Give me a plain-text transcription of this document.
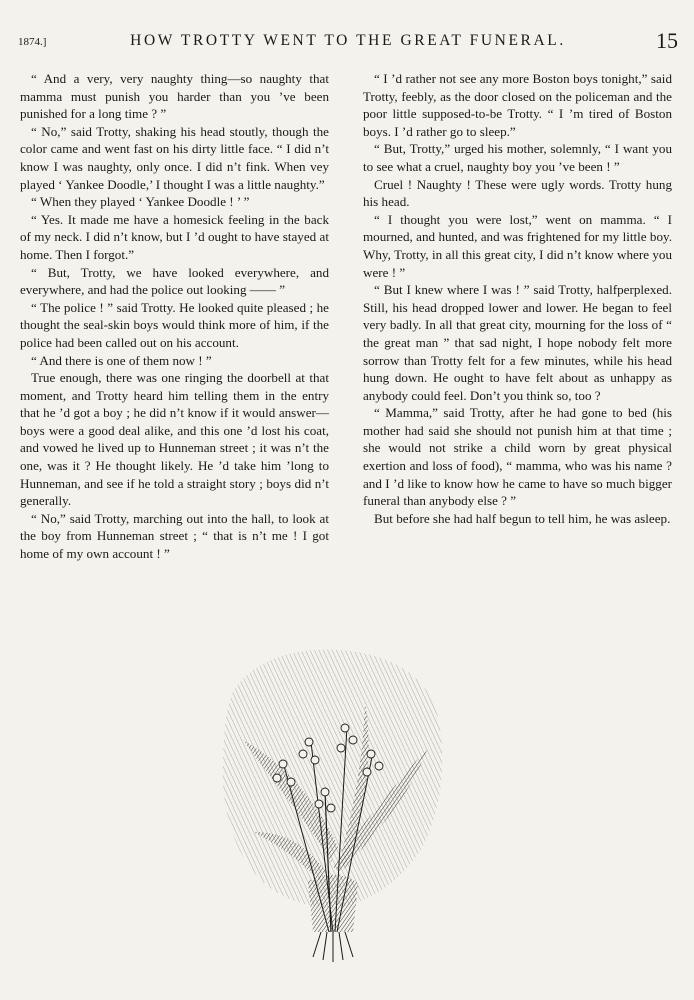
1874.]	HOW TROTTY WENT TO THE GREAT FUNERAL.	15

“ And a very, very naughty thing—so naughty that mamma must punish you harder than you ’ve been punished for a long time ? ”

“ No,” said Trotty, shaking his head stoutly, though the color came and went fast on his dirty little face. “ I did n’t know I was naughty, only once. I did n’t fink. When vey played ‘ Yankee Doodle,’ I thought I was a little naughty.”

“ When they played ‘ Yankee Doodle ! ’ ”

“ Yes. It made me have a homesick feeling in the back of my neck. I did n’t know, but I ’d ought to have stayed at home. Then I forgot.”

“ But, Trotty, we have looked everywhere, and everywhere, and had the police out looking —— ”

“ The police ! ” said Trotty. He looked quite pleased ; he thought the seal-skin boys would think more of him, if the police had been called out on his account.

“ And there is one of them now ! ”

True enough, there was one ringing the doorbell at that moment, and Trotty heard him telling them in the entry that he ’d got a boy ; he did n’t know if it would answer—boys were a good deal alike, and this one ’d lost his coat, and vowed he lived up to Hunneman street ; it was n’t the one, was it ? He thought likely. He ’d take him ’long to Hunneman, and see if he told a straight story ; boys did n’t generally.

“ No,” said Trotty, marching out into the hall, to look at the boy from Hunneman street ; “ that is n’t me ! I got home of my own account ! ”

“ I ’d rather not see any more Boston boys tonight,” said Trotty, feebly, as the door closed on the policeman and the poor little supposed-to-be Trotty. “ I ’m tired of Boston boys. I ’d rather go to sleep.”

“ But, Trotty,” urged his mother, solemnly, “ I want you to see what a cruel, naughty boy you ’ve been ! ”

Cruel ! Naughty ! These were ugly words. Trotty hung his head.

“ I thought you were lost,” went on mamma. “ I mourned, and hunted, and was frightened for my little boy. Why, Trotty, in all this great city, I did n’t know where you were ! ”

“ But I knew where I was ! ” said Trotty, halfperplexed. Still, his head dropped lower and lower. He began to feel very badly. In all that great city, mourning for the loss of “ the great man ” that sad night, I hope nobody felt more sorrow than Trotty felt for a few minutes, while his head hung down. He ought to have felt about as unhappy as anybody could feel. Don’t you think so, too ?

“ Mamma,” said Trotty, after he had gone to bed (his mother had said she should not punish him at that time ; she would not strike a child worn by great physical exertion and loss of food), “ mamma, who was his name ? and I ’d like to know how he came to have so much bigger funeral than anybody else ? ”

But before she had half begun to tell him, he was asleep.
